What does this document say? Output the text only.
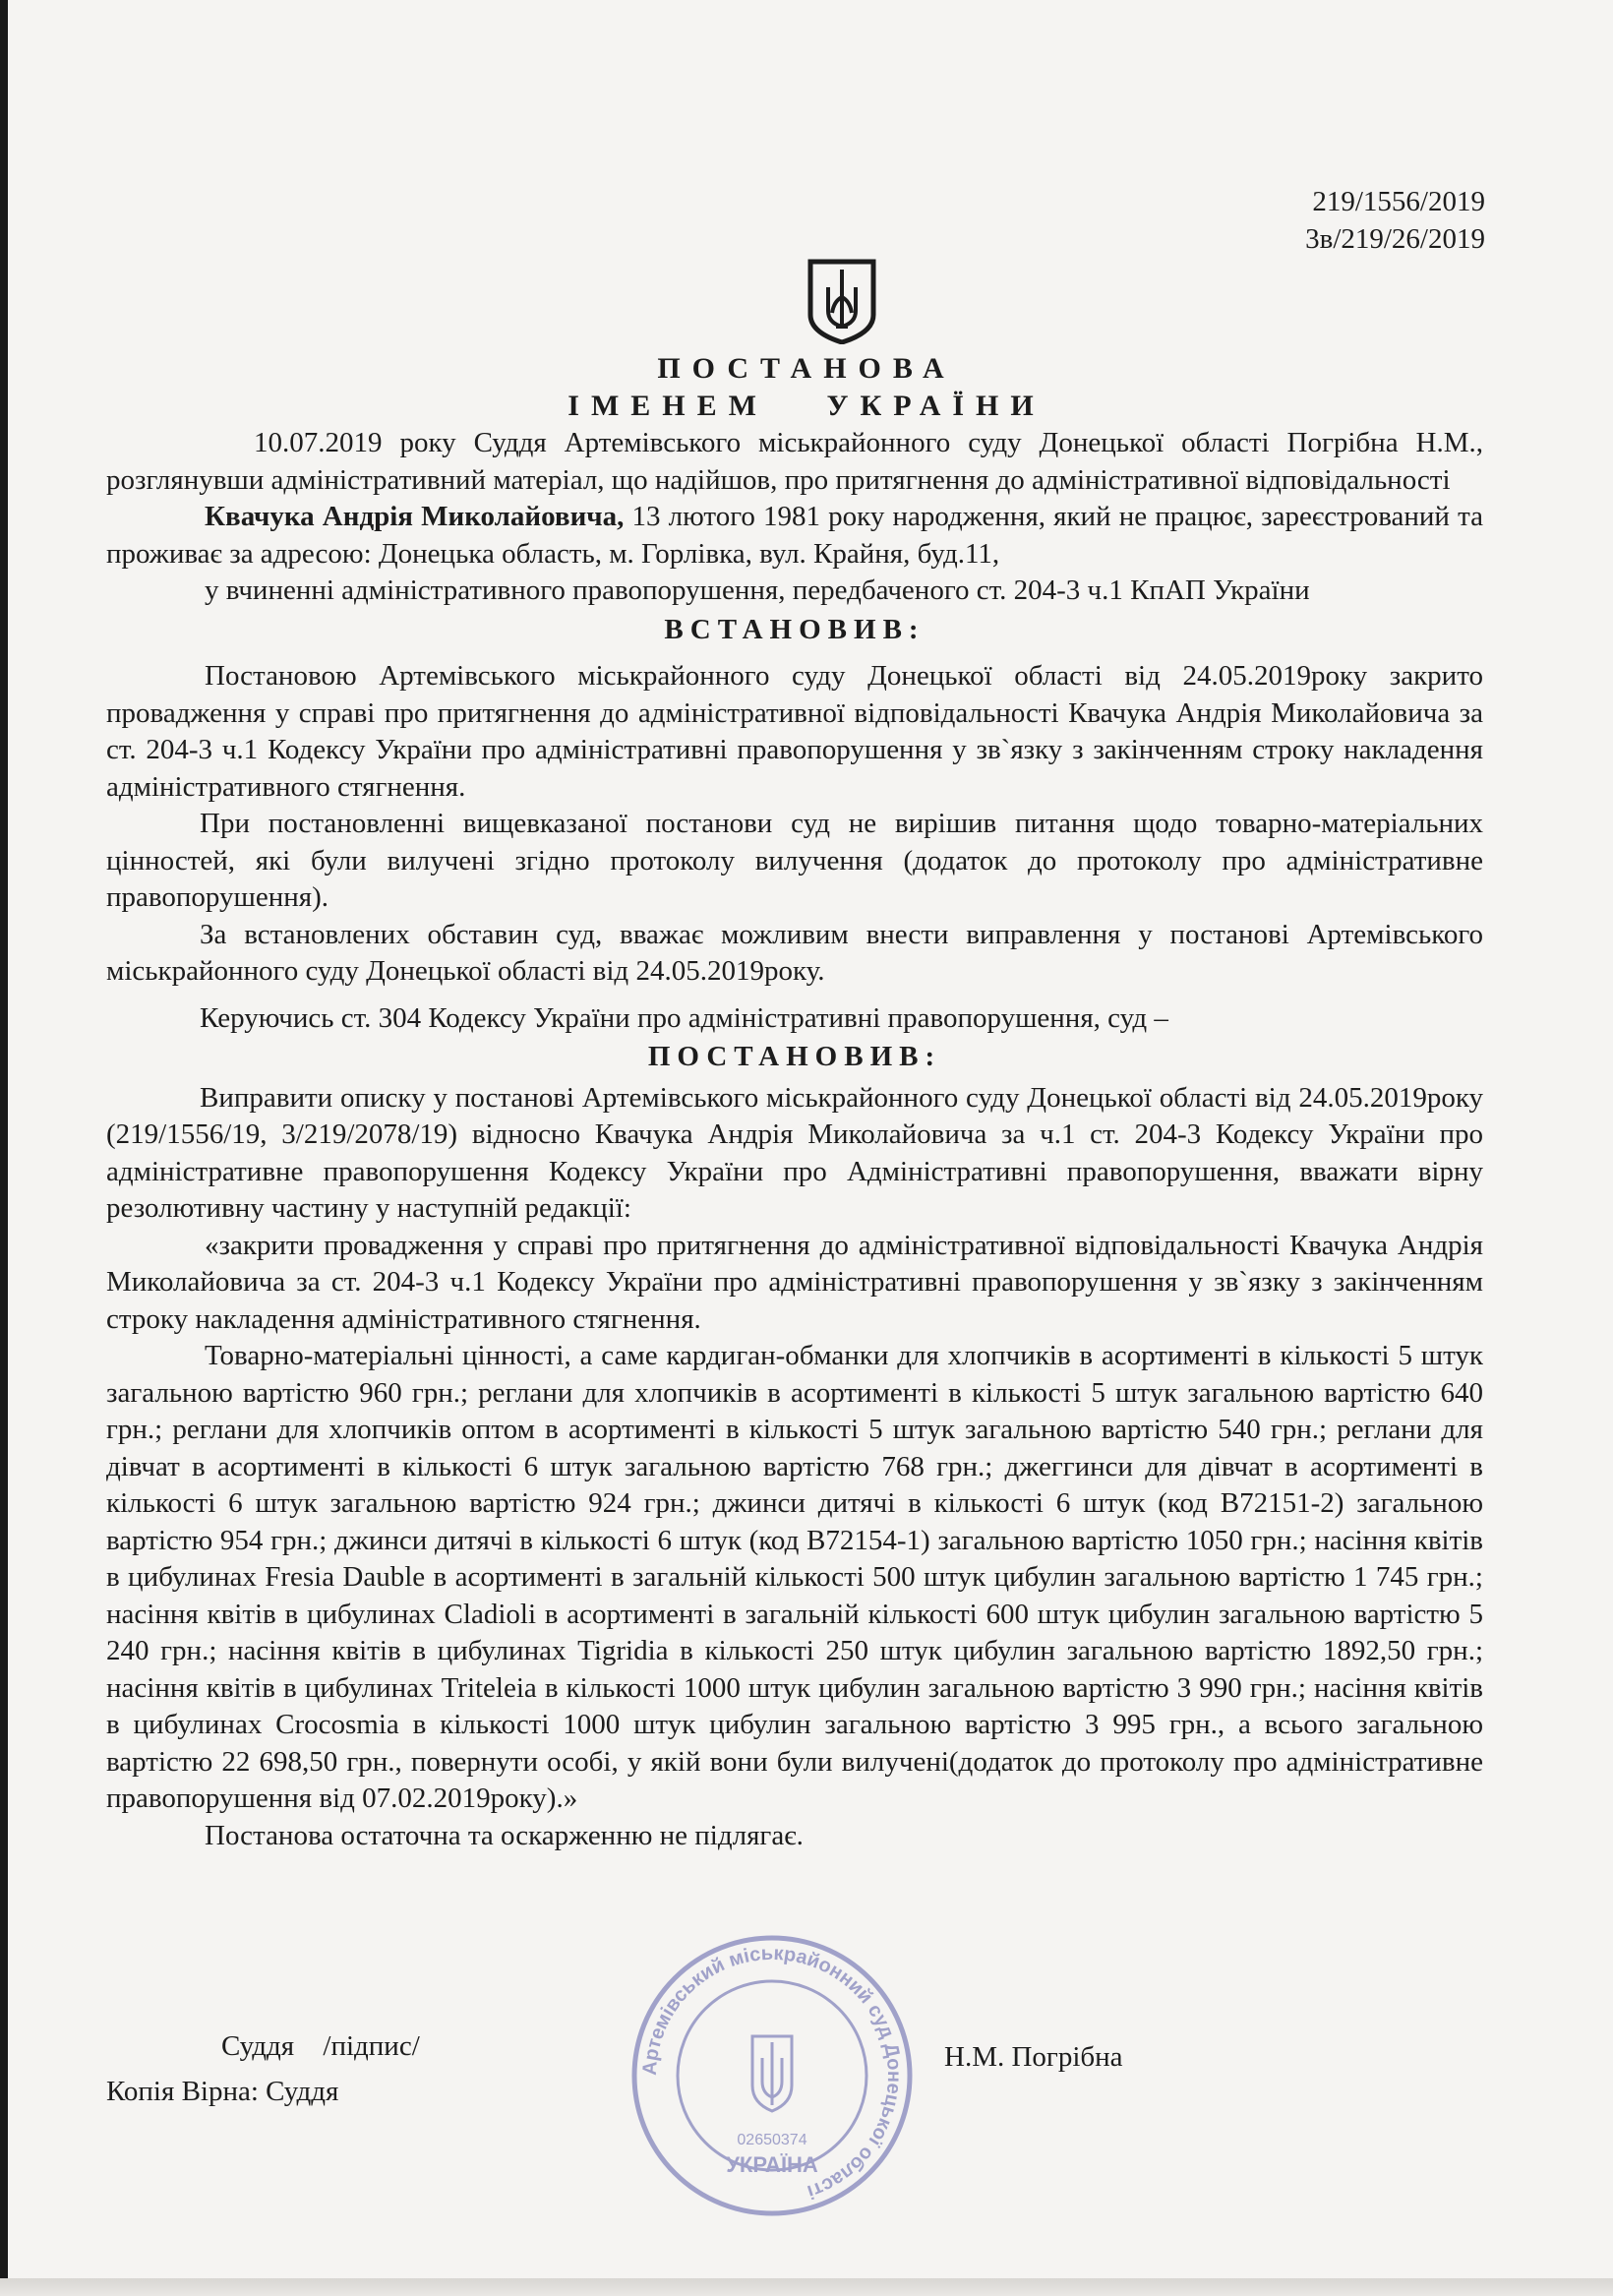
219/1556/2019
3в/219/26/2019
ПОСТАНОВА
ІМЕНЕМ УКРАЇНИ

10.07.2019 року Суддя Артемівського міськрайонного суду Донецької області Погрібна Н.М., розглянувши адміністративний матеріал, що надійшов, про притягнення до адміністративної відповідальності

Квачука Андрія Миколайовича, 13 лютого 1981 року народження, який не працює, зареєстрований та проживає за адресою: Донецька область, м. Горлівка, вул. Крайня, буд.11,

у вчиненні адміністративного правопорушення, передбаченого ст. 204-3 ч.1 КпАП України

ВСТАНОВИВ:

Постановою Артемівського міськрайонного суду Донецької області від 24.05.2019року закрито провадження у справі про притягнення до адміністративної відповідальності Квачука Андрія Миколайовича за ст. 204-3 ч.1 Кодексу України про адміністративні правопорушення у зв`язку з закінченням строку накладення адміністративного стягнення.

При постановленні вищевказаної постанови суд не вирішив питання щодо товарно-матеріальних цінностей, які були вилучені згідно протоколу вилучення (додаток до протоколу про адміністративне правопорушення).

За встановлених обставин суд, вважає можливим внести виправлення у постанові Артемівського міськрайонного суду Донецької області від 24.05.2019року.

Керуючись ст. 304 Кодексу України про адміністративні правопорушення, суд –

ПОСТАНОВИВ:

Виправити описку у постанові Артемівського міськрайонного суду Донецької області від 24.05.2019року (219/1556/19, 3/219/2078/19) відносно Квачука Андрія Миколайовича за ч.1 ст. 204-3 Кодексу України про адміністративне правопорушення Кодексу України про Адміністративні правопорушення, вважати вірну резолютивну частину у наступній редакції:

«закрити провадження у справі про притягнення до адміністративної відповідальності Квачука Андрія Миколайовича за ст. 204-3 ч.1 Кодексу України про адміністративні правопорушення у зв`язку з закінченням строку накладення адміністративного стягнення.

Товарно-матеріальні цінності, а саме кардиган-обманки для хлопчиків в асортименті в кількості 5 штук загальною вартістю 960 грн.; реглани для хлопчиків в асортименті в кількості 5 штук загальною вартістю 640 грн.; реглани для хлопчиків оптом в асортименті в кількості 5 штук загальною вартістю 540 грн.; реглани для дівчат в асортименті в кількості 6 штук загальною вартістю 768 грн.; джеггинси для дівчат в асортименті в кількості 6 штук загальною вартістю 924 грн.; джинси дитячі в кількості 6 штук (код B72151-2) загальною вартістю 954 грн.; джинси дитячі в кількості 6 штук (код B72154-1) загальною вартістю 1050 грн.; насіння квітів в цибулинах Fresia Dauble в асортименті в загальній кількості 500 штук цибулин загальною вартістю 1 745 грн.; насіння квітів в цибулинах Cladioli в асортименті в загальній кількості 600 штук цибулин загальною вартістю 5 240 грн.; насіння квітів в цибулинах Tigridia в кількості 250 штук цибулин загальною вартістю 1892,50 грн.; насіння квітів в цибулинах Triteleia в кількості 1000 штук цибулин загальною вартістю 3 990 грн.; насіння квітів в цибулинах Crocosmia в кількості 1000 штук цибулин загальною вартістю 3 995 грн., а всього загальною вартістю 22 698,50 грн., повернути особі, у якій вони були вилучені(додаток до протоколу про адміністративне правопорушення від 07.02.2019року).»

Постанова остаточна та оскарженню не підлягає.

Суддя /підпис/	Н.М. Погрібна
Копія Вірна: Суддя
Артемівський міськрайонний суд Донецької області
02650374
УКРАЇНА
